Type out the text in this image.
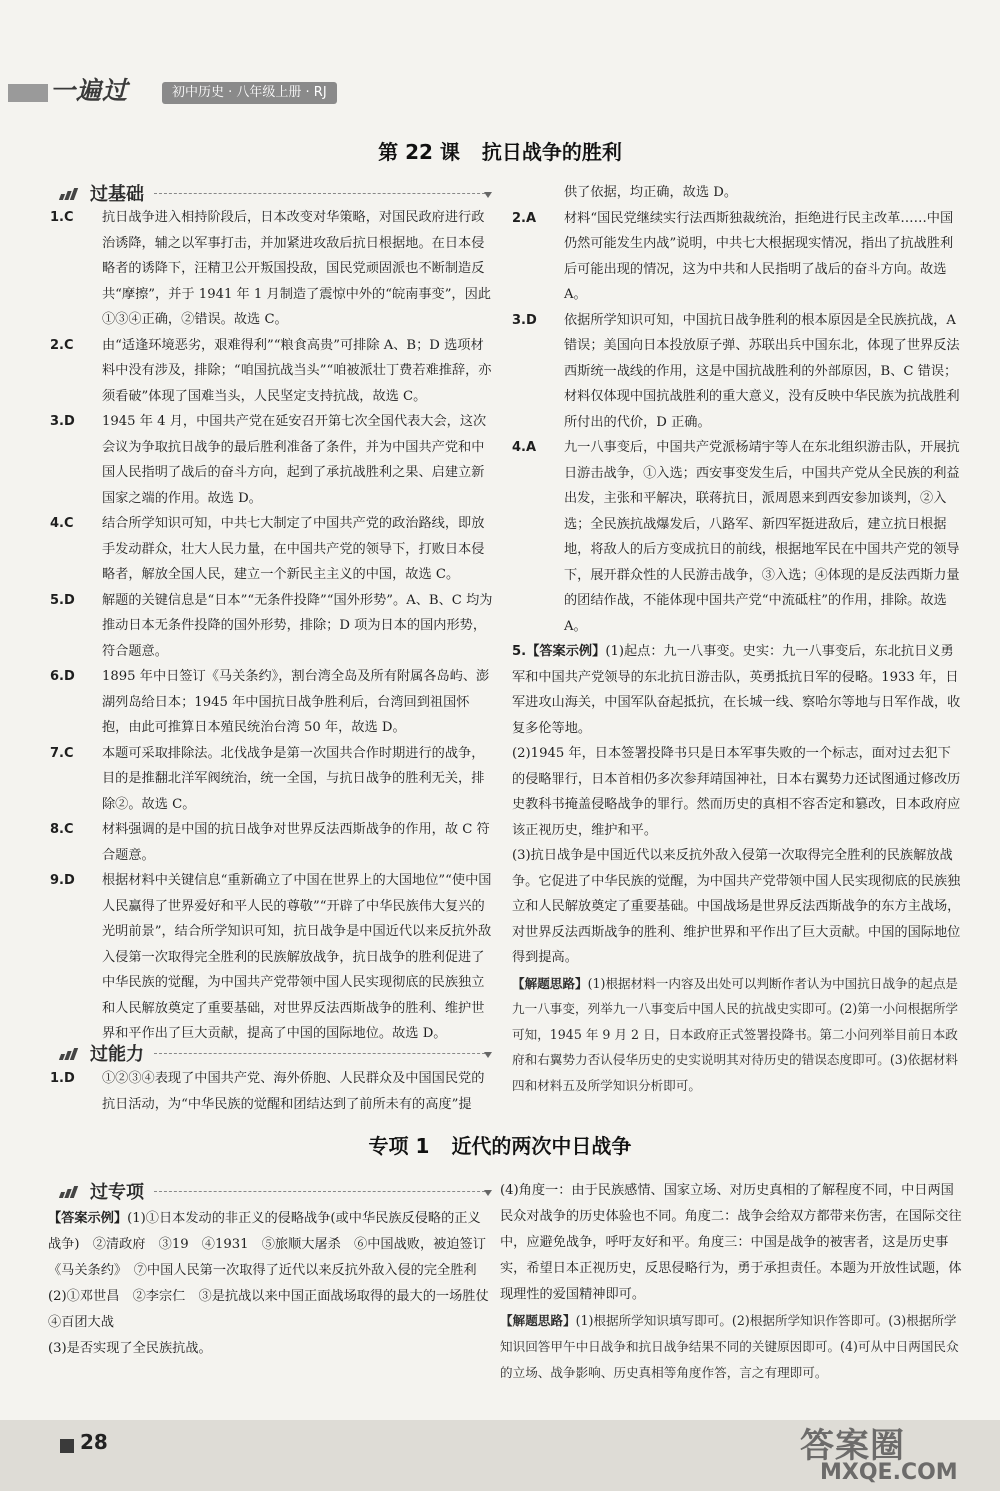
一遍过	初中历史 · 八年级上册 · RJ
第 22 课 抗日战争的胜利
过基础
1.C 抗日战争进入相持阶段后，日本改变对华策略，对国民政府进行政治诱降，辅之以军事打击，并加紧进攻敌后抗日根据地。在日本侵略者的诱降下，汪精卫公开叛国投敌，国民党顽固派也不断制造反共“摩擦”，并于 1941 年 1 月制造了震惊中外的“皖南事变”，因此①③④正确，②错误。故选 C。

2.C 由“适逢环境恶劣，艰难得利”“粮食高贵”可排除 A、B；D 选项材料中没有涉及，排除；“咱国抗战当头”“咱被派壮丁费若难推辞，亦须看破”体现了国难当头，人民坚定支持抗战，故选 C。

3.D 1945 年 4 月，中国共产党在延安召开第七次全国代表大会，这次会议为争取抗日战争的最后胜利准备了条件，并为中国共产党和中国人民指明了战后的奋斗方向，起到了承抗战胜利之果、启建立新国家之端的作用。故选 D。

4.C 结合所学知识可知，中共七大制定了中国共产党的政治路线，即放手发动群众，壮大人民力量，在中国共产党的领导下，打败日本侵略者，解放全国人民，建立一个新民主主义的中国，故选 C。

5.D 解题的关键信息是“日本”“无条件投降”“国外形势”。A、B、C 均为推动日本无条件投降的国外形势，排除；D 项为日本的国内形势，符合题意。

6.D 1895 年中日签订《马关条约》，割台湾全岛及所有附属各岛屿、澎湖列岛给日本；1945 年中国抗日战争胜利后，台湾回到祖国怀抱，由此可推算日本殖民统治台湾 50 年，故选 D。

7.C 本题可采取排除法。北伐战争是第一次国共合作时期进行的战争，目的是推翻北洋军阀统治，统一全国，与抗日战争的胜利无关，排除②。故选 C。

8.C 材料强调的是中国的抗日战争对世界反法西斯战争的作用，故 C 符合题意。

9.D 根据材料中关键信息“重新确立了中国在世界上的大国地位”“使中国人民赢得了世界爱好和平人民的尊敬”“开辟了中华民族伟大复兴的光明前景”，结合所学知识可知，抗日战争是中国近代以来反抗外敌入侵第一次取得完全胜利的民族解放战争，抗日战争的胜利促进了中华民族的觉醒，为中国共产党带领中国人民实现彻底的民族独立和人民解放奠定了重要基础，对世界反法西斯战争的胜利、维护世界和平作出了巨大贡献，提高了中国的国际地位。故选 D。

过能力
1.D ①②③④表现了中国共产党、海外侨胞、人民群众及中国国民党的抗日活动，为“中华民族的觉醒和团结达到了前所未有的高度”提

供了依据，均正确，故选 D。

2.A 材料“国民党继续实行法西斯独裁统治，拒绝进行民主改革……中国仍然可能发生内战”说明，中共七大根据现实情况，指出了抗战胜利后可能出现的情况，这为中共和人民指明了战后的奋斗方向。故选 A。

3.D 依据所学知识可知，中国抗日战争胜利的根本原因是全民族抗战，A 错误；美国向日本投放原子弹、苏联出兵中国东北，体现了世界反法西斯统一战线的作用，这是中国抗战胜利的外部原因，B、C 错误；材料仅体现中国抗战胜利的重大意义，没有反映中华民族为抗战胜利所付出的代价，D 正确。

4.A 九一八事变后，中国共产党派杨靖宇等人在东北组织游击队，开展抗日游击战争，①入选；西安事变发生后，中国共产党从全民族的利益出发，主张和平解决，联蒋抗日，派周恩来到西安参加谈判，②入选；全民族抗战爆发后，八路军、新四军挺进敌后，建立抗日根据地，将敌人的后方变成抗日的前线，根据地军民在中国共产党的领导下，展开群众性的人民游击战争，③入选；④体现的是反法西斯力量的团结作战，不能体现中国共产党“中流砥柱”的作用，排除。故选 A。

5.【答案示例】(1)起点：九一八事变。史实：九一八事变后，东北抗日义勇军和中国共产党领导的东北抗日游击队，英勇抵抗日军的侵略。1933 年，日军进攻山海关，中国军队奋起抵抗，在长城一线、察哈尔等地与日军作战，收复多伦等地。

(2)1945 年，日本签署投降书只是日本军事失败的一个标志，面对过去犯下的侵略罪行，日本首相仍多次参拜靖国神社，日本右翼势力还试图通过修改历史教科书掩盖侵略战争的罪行。然而历史的真相不容否定和篡改，日本政府应该正视历史，维护和平。

(3)抗日战争是中国近代以来反抗外敌入侵第一次取得完全胜利的民族解放战争。它促进了中华民族的觉醒，为中国共产党带领中国人民实现彻底的民族独立和人民解放奠定了重要基础。中国战场是世界反法西斯战争的东方主战场，对世界反法西斯战争的胜利、维护世界和平作出了巨大贡献。中国的国际地位得到提高。

【解题思路】(1)根据材料一内容及出处可以判断作者认为中国抗日战争的起点是九一八事变，列举九一八事变后中国人民的抗战史实即可。(2)第一小问根据所学可知，1945 年 9 月 2 日，日本政府正式签署投降书。第二小问列举目前日本政府和右翼势力否认侵华历史的史实说明其对待历史的错误态度即可。(3)依据材料四和材料五及所学知识分析即可。

专项 1 近代的两次中日战争
过专项

【答案示例】(1)①日本发动的非正义的侵略战争(或中华民族反侵略的正义战争)　②清政府　③19　④1931　⑤旅顺大屠杀　⑥中国战败，被迫签订《马关条约》　⑦中国人民第一次取得了近代以来反抗外敌入侵的完全胜利

(2)①邓世昌　②李宗仁　③是抗战以来中国正面战场取得的最大的一场胜仗　④百团大战

(3)是否实现了全民族抗战。

(4)角度一：由于民族感情、国家立场、对历史真相的了解程度不同，中日两国民众对战争的历史体验也不同。角度二：战争会给双方都带来伤害，在国际交往中，应避免战争，呼吁友好和平。角度三：中国是战争的被害者，这是历史事实，希望日本正视历史，反思侵略行为，勇于承担责任。本题为开放性试题，体现理性的爱国精神即可。

【解题思路】(1)根据所学知识填写即可。(2)根据所学知识作答即可。(3)根据所学知识回答甲午中日战争和抗日战争结果不同的关键原因即可。(4)可从中日两国民众的立场、战争影响、历史真相等角度作答，言之有理即可。

28	答案圈
MXQE.COM
